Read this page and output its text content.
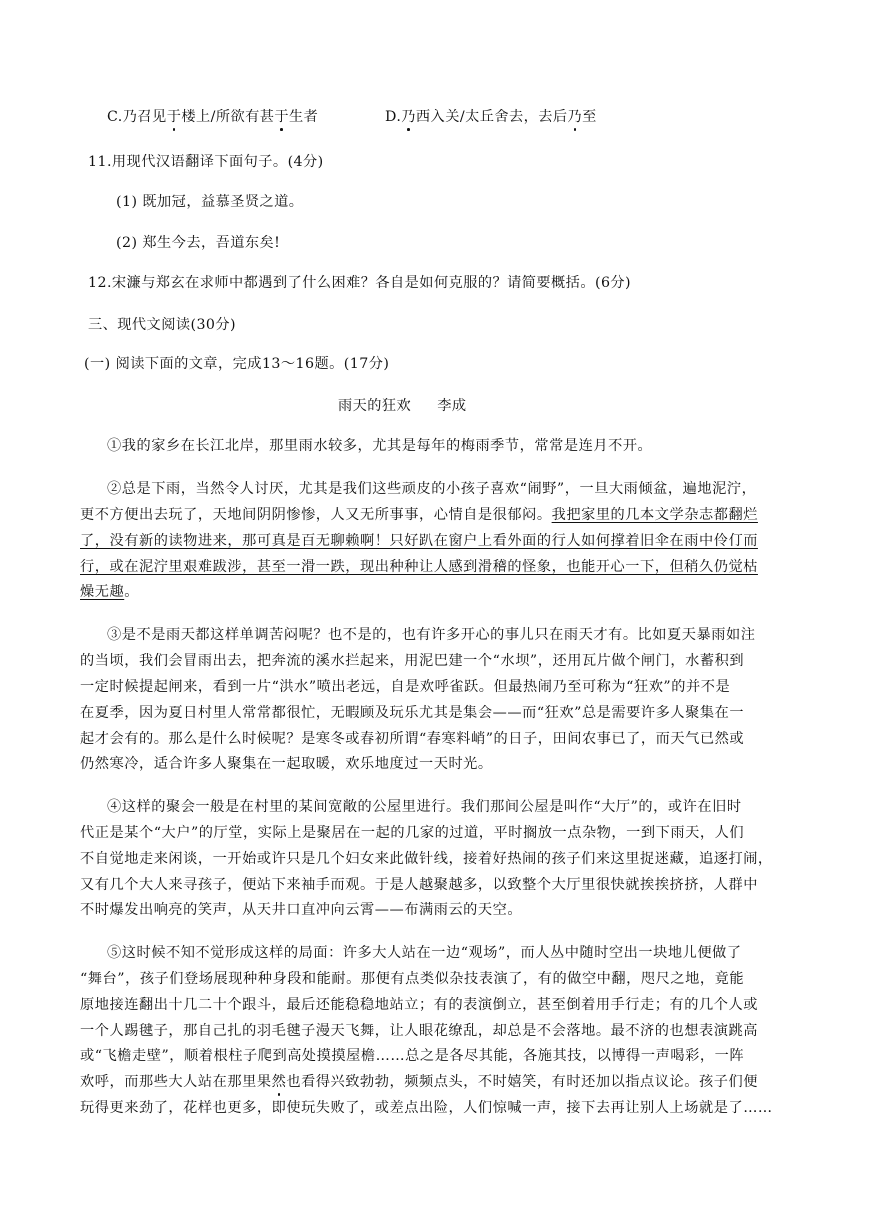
C.乃召见于楼上/所欲有甚于生者	D.乃西入关/太丘舍去，去后乃至
11.用现代汉语翻译下面句子。(4分)
(1) 既加冠，益慕圣贤之道。
(2) 郑生今去，吾道东矣!
12.宋濂与郑玄在求师中都遇到了什么困难？各自是如何克服的？请简要概括。(6分)
三、现代文阅读(30分)
(一) 阅读下面的文章，完成13～16题。(17分)
雨天的狂欢 李成
①我的家乡在长江北岸，那里雨水较多，尤其是每年的梅雨季节，常常是连月不开。
②总是下雨，当然令人讨厌，尤其是我们这些顽皮的小孩子喜欢“闹野”，一旦大雨倾盆，遍地泥泞，
更不方便出去玩了，天地间阴阴惨惨，人又无所事事，心情自是很郁闷。我把家里的几本文学杂志都翻烂
了，没有新的读物进来，那可真是百无聊赖啊！只好趴在窗户上看外面的行人如何撑着旧伞在雨中伶仃而
行，或在泥泞里艰难跋涉，甚至一滑一跌，现出种种让人感到滑稽的怪象，也能开心一下，但稍久仍觉枯
燥无趣。
③是不是雨天都这样单调苦闷呢？也不是的，也有许多开心的事儿只在雨天才有。比如夏天暴雨如注
的当顷，我们会冒雨出去，把奔流的溪水拦起来，用泥巴建一个“水坝”，还用瓦片做个闸门，水蓄积到
一定时候提起闸来，看到一片“洪水”喷出老远，自是欢呼雀跃。但最热闹乃至可称为“狂欢”的并不是
在夏季，因为夏日村里人常常都很忙，无暇顾及玩乐尤其是集会——而“狂欢”总是需要许多人聚集在一
起才会有的。那么是什么时候呢？是寒冬或春初所谓“春寒料峭”的日子，田间农事已了，而天气已然或
仍然寒冷，适合许多人聚集在一起取暖，欢乐地度过一天时光。
④这样的聚会一般是在村里的某间宽敞的公屋里进行。我们那间公屋是叫作“大厅”的，或许在旧时
代正是某个“大户”的厅堂，实际上是聚居在一起的几家的过道，平时搁放一点杂物，一到下雨天，人们
不自觉地走来闲谈，一开始或许只是几个妇女来此做针线，接着好热闹的孩子们来这里捉迷藏，追逐打闹，
又有几个大人来寻孩子，便站下来袖手而观。于是人越聚越多，以致整个大厅里很快就挨挨挤挤，人群中
不时爆发出响亮的笑声，从天井口直冲向云霄——布满雨云的天空。
⑤这时候不知不觉形成这样的局面：许多大人站在一边“观场”，而人丛中随时空出一块地儿便做了
“舞台”，孩子们登场展现种种身段和能耐。那便有点类似杂技表演了，有的做空中翻，咫尺之地，竟能
原地接连翻出十几二十个跟斗，最后还能稳稳地站立；有的表演倒立，甚至倒着用手行走；有的几个人或
一个人踢毽子，那自己扎的羽毛毽子漫天飞舞，让人眼花缭乱，却总是不会落地。最不济的也想表演跳高
或“飞檐走壁”，顺着根柱子爬到高处摸摸屋檐……总之是各尽其能，各施其技，以博得一声喝彩，一阵
欢呼，而那些大人站在那里果然也看得兴致勃勃，频频点头，不时嬉笑，有时还加以指点议论。孩子们便
玩得更来劲了，花样也更多，即使玩失败了，或差点出险，人们惊喊一声，接下去再让别人上场就是了……
